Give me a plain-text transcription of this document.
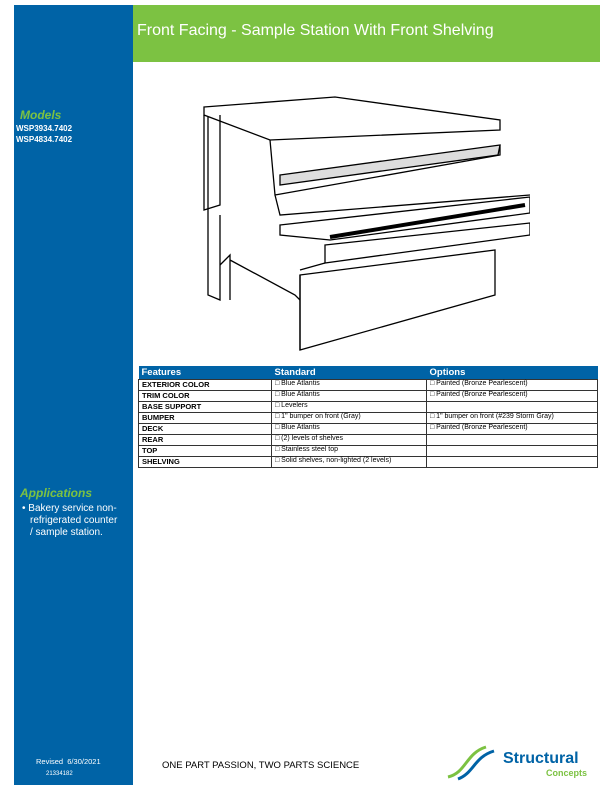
Front Facing - Sample Station With Front Shelving
Models
WSP3934.7402
WSP4834.7402
Features	Standard	Options
EXTERIOR COLOR	□ Blue Atlantis	□ Painted (Bronze Pearlescent)
TRIM COLOR	□ Blue Atlantis	□ Painted (Bronze Pearlescent)
BASE SUPPORT	□ Levelers	
BUMPER	□ 1" bumper on front (Gray)	□ 1" bumper on front (#239 Storm Gray)
DECK	□ Blue Atlantis	□ Painted (Bronze Pearlescent)
REAR	□ (2) levels of shelves	
TOP	□ Stainless steel top	
SHELVING	□ Solid shelves, non-lighted (2 levels)	
Applications
• Bakery service non-refrigerated counter / sample station.
Revised  6/30/2021
21334182
ONE PART PASSION, TWO PARTS SCIENCE	Structural
Concepts
